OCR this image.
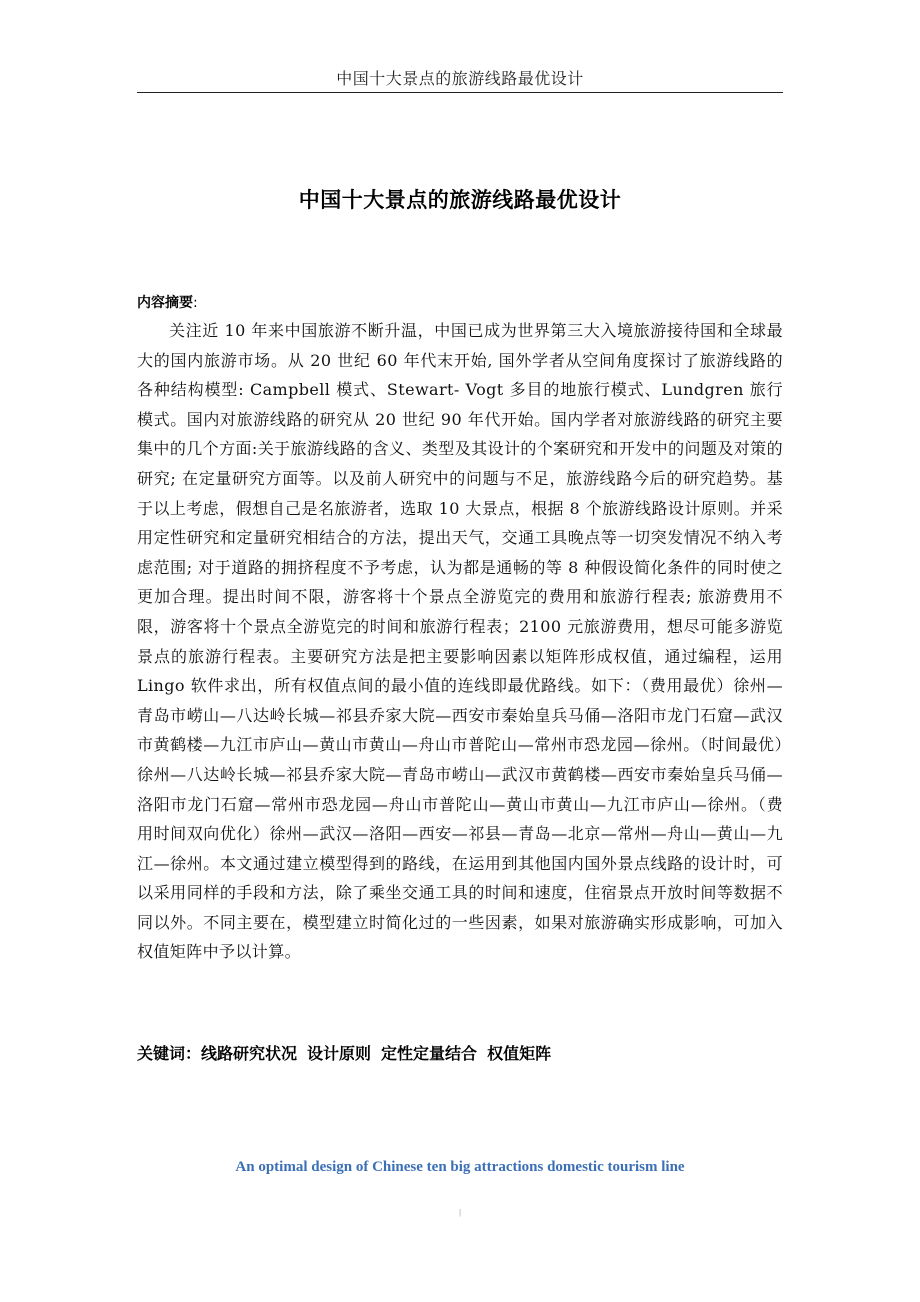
中国十大景点的旅游线路最优设计
中国十大景点的旅游线路最优设计
内容摘要:

关注近 10 年来中国旅游不断升温，中国已成为世界第三大入境旅游接待国和全球最大的国内旅游市场。从 20 世纪 60 年代末开始, 国外学者从空间角度探讨了旅游线路的各种结构模型: Campbell 模式、Stewart- Vogt 多目的地旅行模式、Lundgren 旅行模式。国内对旅游线路的研究从 20 世纪 90 年代开始。国内学者对旅游线路的研究主要集中的几个方面:关于旅游线路的含义、类型及其设计的个案研究和开发中的问题及对策的研究; 在定量研究方面等。以及前人研究中的问题与不足，旅游线路今后的研究趋势。基于以上考虑，假想自己是名旅游者，选取 10 大景点，根据 8 个旅游线路设计原则。并采用定性研究和定量研究相结合的方法，提出天气，交通工具晚点等一切突发情况不纳入考虑范围; 对于道路的拥挤程度不予考虑，认为都是通畅的等 8 种假设简化条件的同时使之更加合理。提出时间不限，游客将十个景点全游览完的费用和旅游行程表; 旅游费用不限，游客将十个景点全游览完的时间和旅游行程表；2100 元旅游费用，想尽可能多游览景点的旅游行程表。主要研究方法是把主要影响因素以矩阵形成权值，通过编程，运用 Lingo 软件求出，所有权值点间的最小值的连线即最优路线。如下：（费用最优）徐州—青岛市崂山—八达岭长城—祁县乔家大院—西安市秦始皇兵马俑—洛阳市龙门石窟—武汉市黄鹤楼—九江市庐山—黄山市黄山—舟山市普陀山—常州市恐龙园—徐州。（时间最优）徐州—八达岭长城—祁县乔家大院—青岛市崂山—武汉市黄鹤楼—西安市秦始皇兵马俑—洛阳市龙门石窟—常州市恐龙园—舟山市普陀山—黄山市黄山—九江市庐山—徐州。（费用时间双向优化）徐州—武汉—洛阳—西安—祁县—青岛—北京—常州—舟山—黄山—九江—徐州。本文通过建立模型得到的路线，在运用到其他国内国外景点线路的设计时，可以采用同样的手段和方法，除了乘坐交通工具的时间和速度，住宿景点开放时间等数据不同以外。不同主要在，模型建立时简化过的一些因素，如果对旅游确实形成影响，可加入权值矩阵中予以计算。

关键词：线路研究状况 设计原则 定性定量结合 权值矩阵
An optimal design of Chinese ten big attractions domestic tourism line
|
